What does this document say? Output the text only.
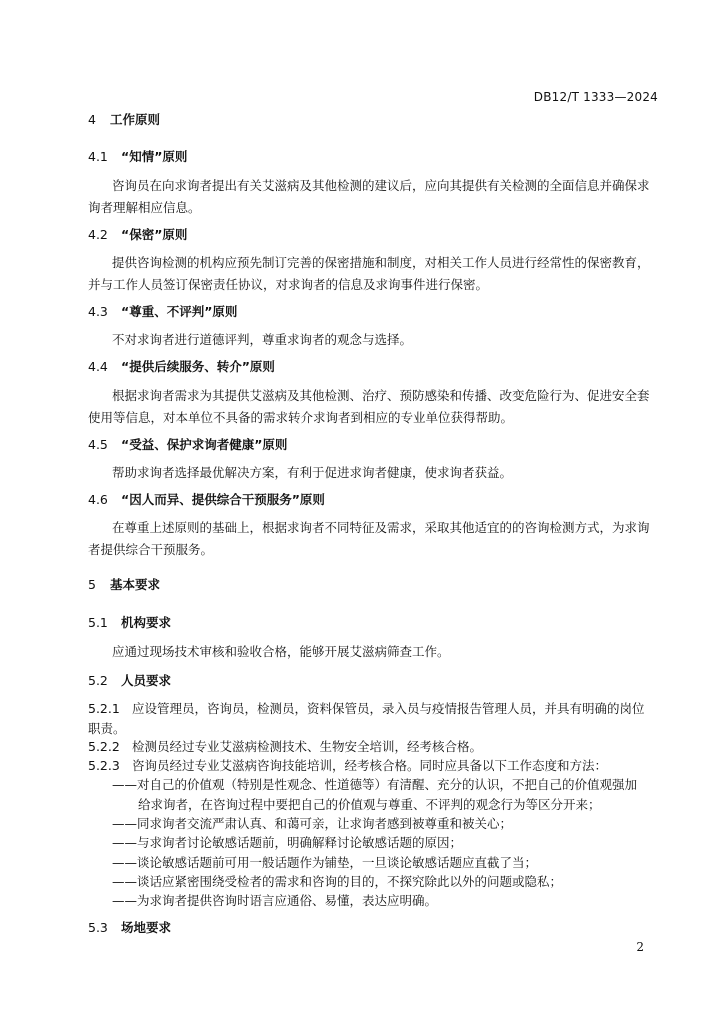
DB12/T 1333—2024
4 工作原则
4.1 “知情”原则
咨询员在向求询者提出有关艾滋病及其他检测的建议后，应向其提供有关检测的全面信息并确保求
询者理解相应信息。
4.2 “保密”原则
提供咨询检测的机构应预先制订完善的保密措施和制度，对相关工作人员进行经常性的保密教育，
并与工作人员签订保密责任协议，对求询者的信息及求询事件进行保密。
4.3 “尊重、不评判”原则
不对求询者进行道德评判，尊重求询者的观念与选择。
4.4 “提供后续服务、转介”原则
根据求询者需求为其提供艾滋病及其他检测、治疗、预防感染和传播、改变危险行为、促进安全套
使用等信息，对本单位不具备的需求转介求询者到相应的专业单位获得帮助。
4.5 “受益、保护求询者健康”原则
帮助求询者选择最优解决方案，有利于促进求询者健康，使求询者获益。
4.6 “因人而异、提供综合干预服务”原则
在尊重上述原则的基础上，根据求询者不同特征及需求，采取其他适宜的的咨询检测方式，为求询
者提供综合干预服务。
5 基本要求
5.1 机构要求
应通过现场技术审核和验收合格，能够开展艾滋病筛查工作。
5.2 人员要求
5.2.1 应设管理员，咨询员，检测员，资料保管员，录入员与疫情报告管理人员，并具有明确的岗位
职责。
5.2.2 检测员经过专业艾滋病检测技术、生物安全培训，经考核合格。
5.2.3 咨询员经过专业艾滋病咨询技能培训，经考核合格。同时应具备以下工作态度和方法：
——对自己的价值观（特别是性观念、性道德等）有清醒、充分的认识，不把自己的价值观强加
给求询者，在咨询过程中要把自己的价值观与尊重、不评判的观念行为等区分开来；
——同求询者交流严肃认真、和蔼可亲，让求询者感到被尊重和被关心；
——与求询者讨论敏感话题前，明确解释讨论敏感话题的原因；
——谈论敏感话题前可用一般话题作为铺垫，一旦谈论敏感话题应直截了当；
——谈话应紧密围绕受检者的需求和咨询的目的，不探究除此以外的问题或隐私；
——为求询者提供咨询时语言应通俗、易懂，表达应明确。
5.3 场地要求
2
